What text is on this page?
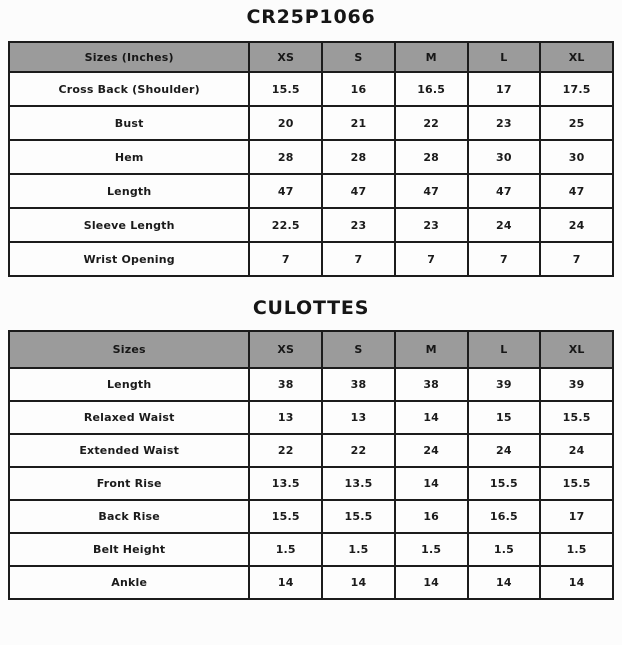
CR25P1066
Sizes (Inches)	XS	S	M	L	XL
Cross Back (Shoulder)	15.5	16	16.5	17	17.5
Bust	20	21	22	23	25
Hem	28	28	28	30	30
Length	47	47	47	47	47
Sleeve Length	22.5	23	23	24	24
Wrist Opening	7	7	7	7	7
CULOTTES
Sizes	XS	S	M	L	XL
Length	38	38	38	39	39
Relaxed Waist	13	13	14	15	15.5
Extended Waist	22	22	24	24	24
Front Rise	13.5	13.5	14	15.5	15.5
Back Rise	15.5	15.5	16	16.5	17
Belt Height	1.5	1.5	1.5	1.5	1.5
Ankle	14	14	14	14	14
